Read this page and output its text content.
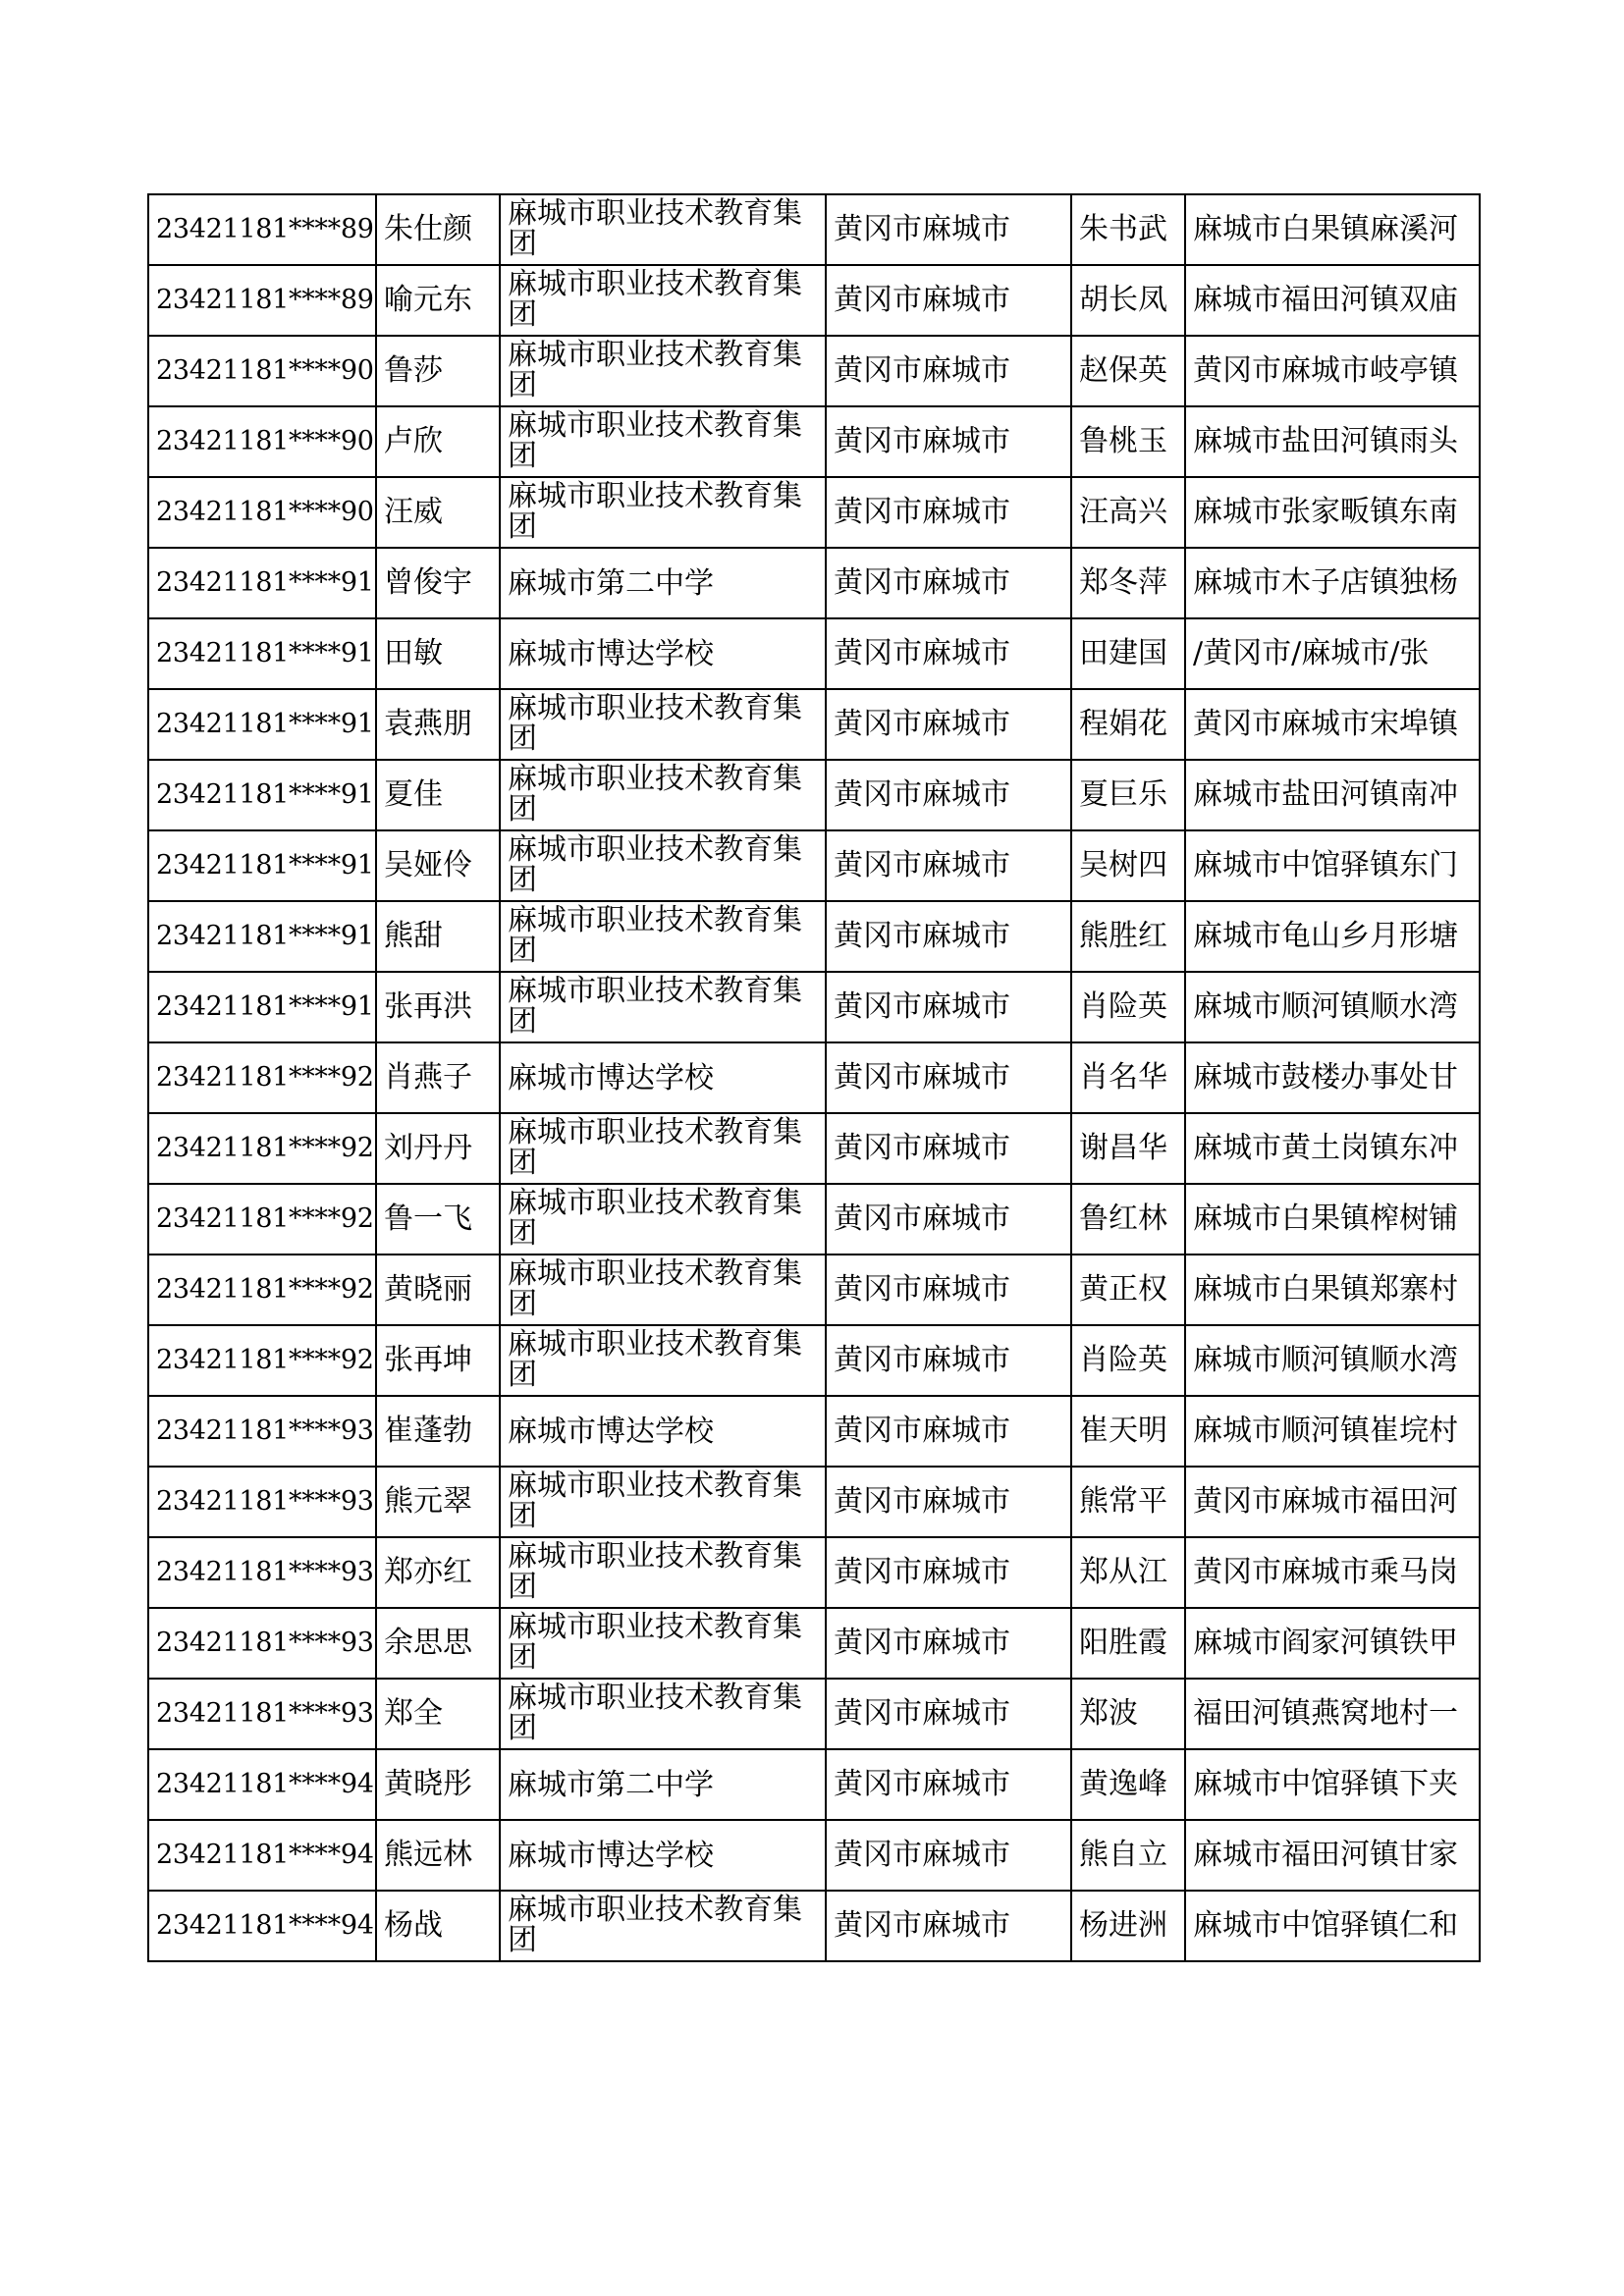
23421181****89	朱仕颜	麻城市职业技术教育集团	黄冈市麻城市	朱书武	麻城市白果镇麻溪河
23421181****89	喻元东	麻城市职业技术教育集团	黄冈市麻城市	胡长凤	麻城市福田河镇双庙
23421181****90	鲁莎	麻城市职业技术教育集团	黄冈市麻城市	赵保英	黄冈市麻城市岐亭镇
23421181****90	卢欣	麻城市职业技术教育集团	黄冈市麻城市	鲁桃玉	麻城市盐田河镇雨头
23421181****90	汪威	麻城市职业技术教育集团	黄冈市麻城市	汪高兴	麻城市张家畈镇东南
23421181****91	曾俊宇	麻城市第二中学	黄冈市麻城市	郑冬萍	麻城市木子店镇独杨
23421181****91	田敏	麻城市博达学校	黄冈市麻城市	田建国	/黄冈市/麻城市/张
23421181****91	袁燕朋	麻城市职业技术教育集团	黄冈市麻城市	程娟花	黄冈市麻城市宋埠镇
23421181****91	夏佳	麻城市职业技术教育集团	黄冈市麻城市	夏巨乐	麻城市盐田河镇南冲
23421181****91	吴娅伶	麻城市职业技术教育集团	黄冈市麻城市	吴树四	麻城市中馆驿镇东门
23421181****91	熊甜	麻城市职业技术教育集团	黄冈市麻城市	熊胜红	麻城市龟山乡月形塘
23421181****91	张再洪	麻城市职业技术教育集团	黄冈市麻城市	肖险英	麻城市顺河镇顺水湾
23421181****92	肖燕子	麻城市博达学校	黄冈市麻城市	肖名华	麻城市鼓楼办事处甘
23421181****92	刘丹丹	麻城市职业技术教育集团	黄冈市麻城市	谢昌华	麻城市黄土岗镇东冲
23421181****92	鲁一飞	麻城市职业技术教育集团	黄冈市麻城市	鲁红林	麻城市白果镇榨树铺
23421181****92	黄晓丽	麻城市职业技术教育集团	黄冈市麻城市	黄正权	麻城市白果镇郑寨村
23421181****92	张再坤	麻城市职业技术教育集团	黄冈市麻城市	肖险英	麻城市顺河镇顺水湾
23421181****93	崔蓬勃	麻城市博达学校	黄冈市麻城市	崔天明	麻城市顺河镇崔垸村
23421181****93	熊元翠	麻城市职业技术教育集团	黄冈市麻城市	熊常平	黄冈市麻城市福田河
23421181****93	郑亦红	麻城市职业技术教育集团	黄冈市麻城市	郑从江	黄冈市麻城市乘马岗
23421181****93	余思思	麻城市职业技术教育集团	黄冈市麻城市	阳胜霞	麻城市阎家河镇铁甲
23421181****93	郑全	麻城市职业技术教育集团	黄冈市麻城市	郑波	福田河镇燕窝地村一
23421181****94	黄晓彤	麻城市第二中学	黄冈市麻城市	黄逸峰	麻城市中馆驿镇下夹
23421181****94	熊远林	麻城市博达学校	黄冈市麻城市	熊自立	麻城市福田河镇甘家
23421181****94	杨战	麻城市职业技术教育集团	黄冈市麻城市	杨进洲	麻城市中馆驿镇仁和
